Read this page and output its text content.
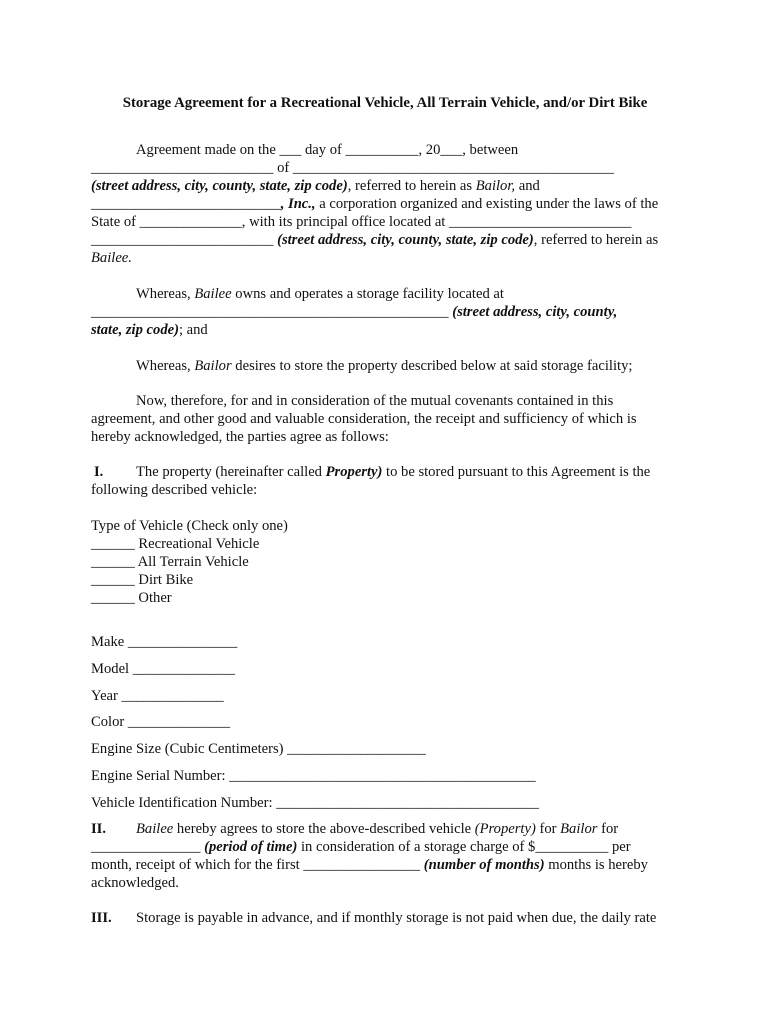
Storage Agreement for a Recreational Vehicle, All Terrain Vehicle, and/or Dirt Bike
Agreement made on the ___ day of __________, 20___, between
_________________________ of ____________________________________________
(street address, city, county, state, zip code), referred to herein as Bailor, and
__________________________, Inc., a corporation organized and existing under the laws of the
State of ______________, with its principal office located at _________________________
_________________________ (street address, city, county, state, zip code), referred to herein as
Bailee.
Whereas, Bailee owns and operates a storage facility located at
_________________________________________________ (street address, city, county,
state, zip code); and
Whereas, Bailor desires to store the property described below at said storage facility;
Now, therefore, for and in consideration of the mutual covenants contained in this
agreement, and other good and valuable consideration, the receipt and sufficiency of which is
hereby acknowledged, the parties agree as follows:
I. The property (hereinafter called Property) to be stored pursuant to this Agreement is the
following described vehicle:
Type of Vehicle (Check only one)
______ Recreational Vehicle
______ All Terrain Vehicle
______ Dirt Bike
______ Other
Make _______________
Model ______________
Year ______________
Color ______________
Engine Size (Cubic Centimeters) ___________________
Engine Serial Number: __________________________________________
Vehicle Identification Number: ____________________________________
II. Bailee hereby agrees to store the above-described vehicle (Property) for Bailor for
_______________ (period of time) in consideration of a storage charge of $__________ per
month, receipt of which for the first ________________ (number of months) months is hereby
acknowledged.
III. Storage is payable in advance, and if monthly storage is not paid when due, the daily rate
